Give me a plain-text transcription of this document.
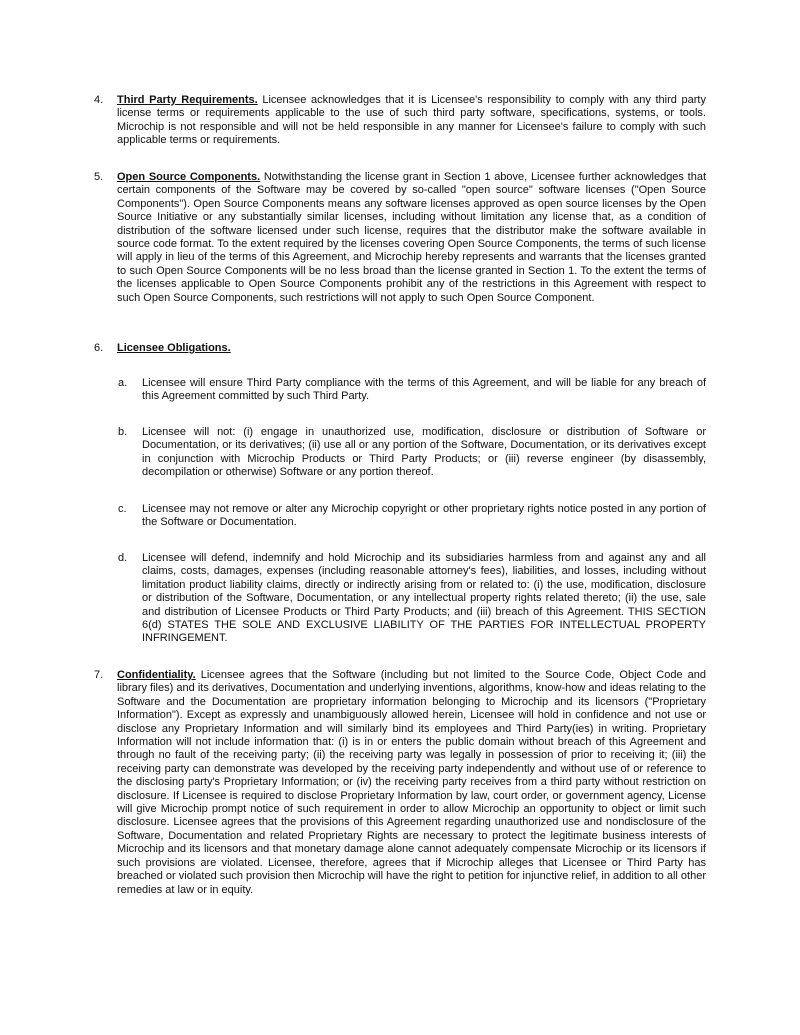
4. Third Party Requirements. Licensee acknowledges that it is Licensee's responsibility to comply with any third party license terms or requirements applicable to the use of such third party software, specifications, systems, or tools. Microchip is not responsible and will not be held responsible in any manner for Licensee's failure to comply with such applicable terms or requirements.
5. Open Source Components. Notwithstanding the license grant in Section 1 above, Licensee further acknowledges that certain components of the Software may be covered by so-called "open source" software licenses ("Open Source Components"). Open Source Components means any software licenses approved as open source licenses by the Open Source Initiative or any substantially similar licenses, including without limitation any license that, as a condition of distribution of the software licensed under such license, requires that the distributor make the software available in source code format. To the extent required by the licenses covering Open Source Components, the terms of such license will apply in lieu of the terms of this Agreement, and Microchip hereby represents and warrants that the licenses granted to such Open Source Components will be no less broad than the license granted in Section 1. To the extent the terms of the licenses applicable to Open Source Components prohibit any of the restrictions in this Agreement with respect to such Open Source Components, such restrictions will not apply to such Open Source Component.
6. Licensee Obligations.
a. Licensee will ensure Third Party compliance with the terms of this Agreement, and will be liable for any breach of this Agreement committed by such Third Party.
b. Licensee will not: (i) engage in unauthorized use, modification, disclosure or distribution of Software or Documentation, or its derivatives; (ii) use all or any portion of the Software, Documentation, or its derivatives except in conjunction with Microchip Products or Third Party Products; or (iii) reverse engineer (by disassembly, decompilation or otherwise) Software or any portion thereof.
c. Licensee may not remove or alter any Microchip copyright or other proprietary rights notice posted in any portion of the Software or Documentation.
d. Licensee will defend, indemnify and hold Microchip and its subsidiaries harmless from and against any and all claims, costs, damages, expenses (including reasonable attorney's fees), liabilities, and losses, including without limitation product liability claims, directly or indirectly arising from or related to: (i) the use, modification, disclosure or distribution of the Software, Documentation, or any intellectual property rights related thereto; (ii) the use, sale and distribution of Licensee Products or Third Party Products; and (iii) breach of this Agreement. THIS SECTION 6(d) STATES THE SOLE AND EXCLUSIVE LIABILITY OF THE PARTIES FOR INTELLECTUAL PROPERTY INFRINGEMENT.
7. Confidentiality. Licensee agrees that the Software (including but not limited to the Source Code, Object Code and library files) and its derivatives, Documentation and underlying inventions, algorithms, know-how and ideas relating to the Software and the Documentation are proprietary information belonging to Microchip and its licensors ("Proprietary Information"). Except as expressly and unambiguously allowed herein, Licensee will hold in confidence and not use or disclose any Proprietary Information and will similarly bind its employees and Third Party(ies) in writing. Proprietary Information will not include information that: (i) is in or enters the public domain without breach of this Agreement and through no fault of the receiving party; (ii) the receiving party was legally in possession of prior to receiving it; (iii) the receiving party can demonstrate was developed by the receiving party independently and without use of or reference to the disclosing party's Proprietary Information; or (iv) the receiving party receives from a third party without restriction on disclosure. If Licensee is required to disclose Proprietary Information by law, court order, or government agency, License will give Microchip prompt notice of such requirement in order to allow Microchip an opportunity to object or limit such disclosure. Licensee agrees that the provisions of this Agreement regarding unauthorized use and nondisclosure of the Software, Documentation and related Proprietary Rights are necessary to protect the legitimate business interests of Microchip and its licensors and that monetary damage alone cannot adequately compensate Microchip or its licensors if such provisions are violated. Licensee, therefore, agrees that if Microchip alleges that Licensee or Third Party has breached or violated such provision then Microchip will have the right to petition for injunctive relief, in addition to all other remedies at law or in equity.
